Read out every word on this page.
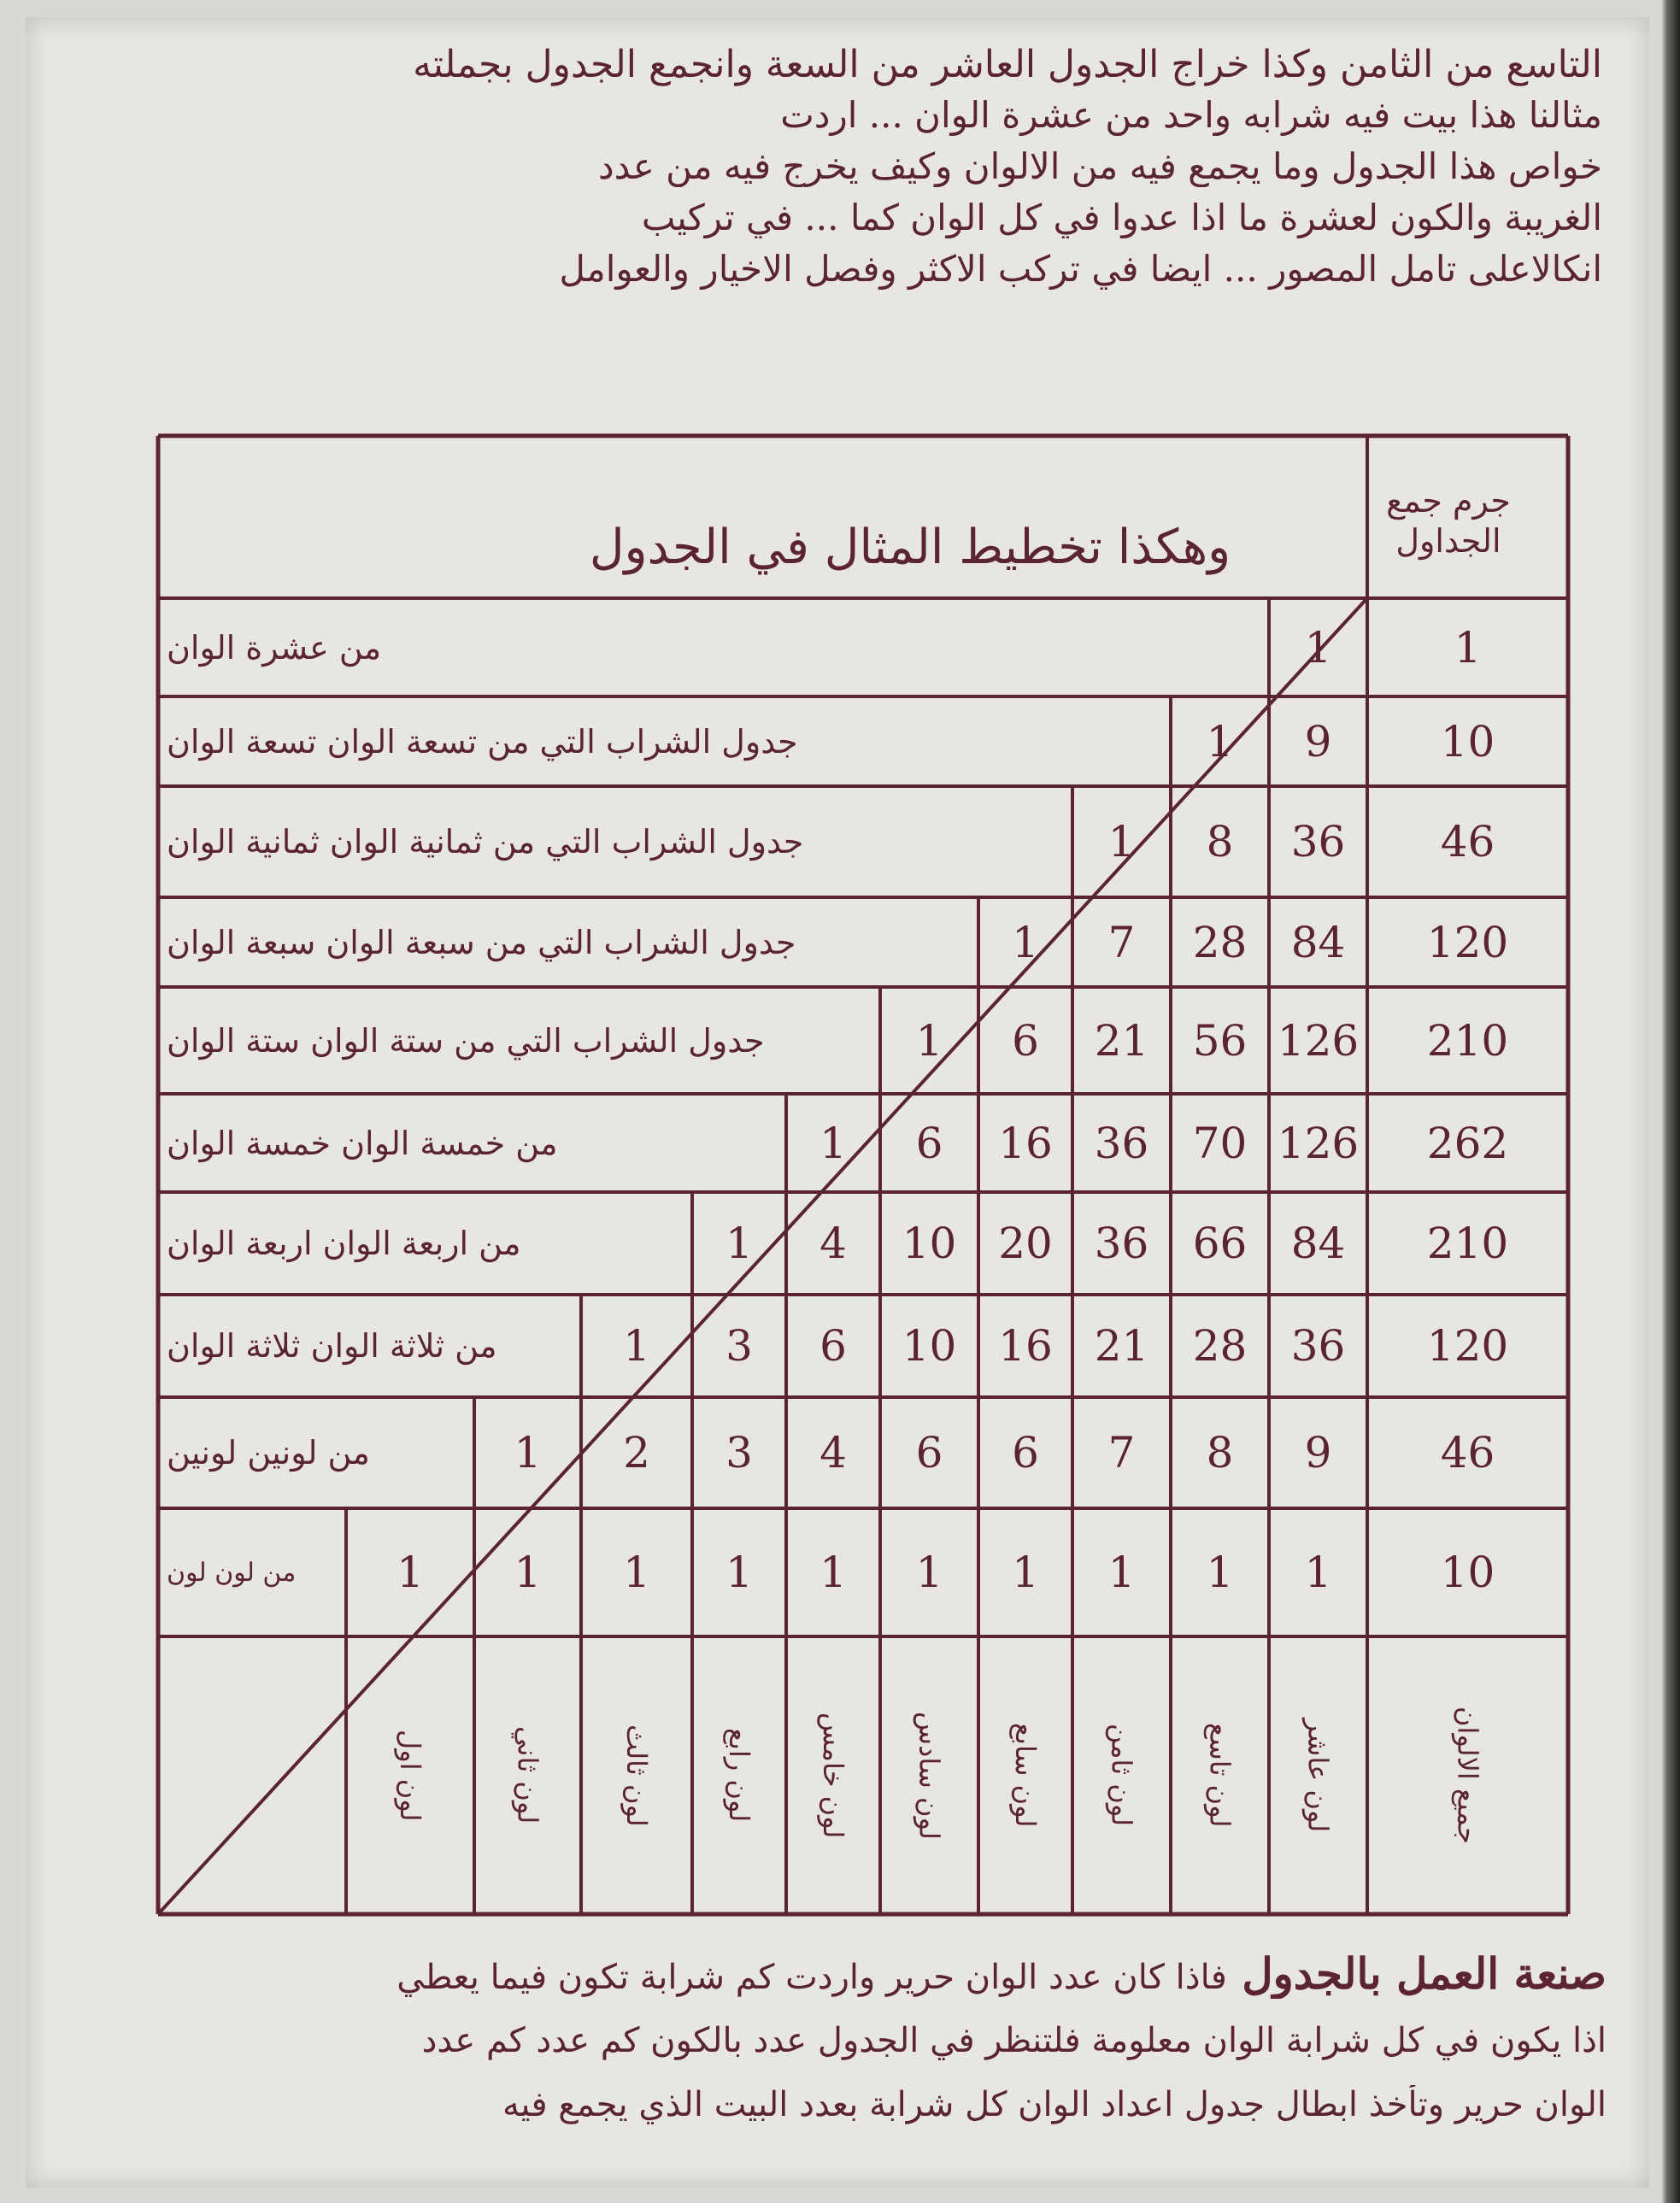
التاسع من الثامن وكذا خراج الجدول العاشر من السعة وانجمع الجدول بجملته
مثالنا هذا بيت فيه شرابه واحد من عشرة الوان ... اردت
خواص هذا الجدول وما يجمع فيه من الالوان وكيف يخرج فيه من عدد
الغريبة والكون لعشرة ما اذا عدوا في كل الوان كما ... في تركيب
انكالاعلى تامل المصور ... ايضا في تركب الاكثر وفصل الاخيار والعوامل
وهكذا تخطيط المثال في الجدول
جرم جمع الجداول
1
1
من عشرة الوان
10
9
1
جدول الشراب التي من تسعة الوان تسعة الوان
46
36
8
1
جدول الشراب التي من ثمانية الوان ثمانية الوان
120
84
28
7
1
جدول الشراب التي من سبعة الوان سبعة الوان
210
126
56
21
6
1
جدول الشراب التي من ستة الوان ستة الوان
262
126
70
36
16
6
1
من خمسة الوان خمسة الوان
210
84
66
36
20
10
4
1
من اربعة الوان اربعة الوان
120
36
28
21
16
10
6
3
1
من ثلاثة الوان ثلاثة الوان
46
9
8
7
6
6
4
3
2
1
من لونين لونين
10
1
1
1
1
1
1
1
1
1
1
من لون لون
جميع الالوان
لون عاشر
لون تاسع
لون ثامن
لون سابع
لون سادس
لون خامس
لون رابع
لون ثالث
لون ثاني
لون اول
صنعة العمل بالجدول فاذا كان عدد الوان حرير واردت كم شرابة تكون فيما يعطي
اذا يكون في كل شرابة الوان معلومة فلتنظر في الجدول عدد بالكون كم عدد كم عدد
الوان حرير وتأخذ ابطال جدول اعداد الوان كل شرابة بعدد البيت الذي يجمع فيه
